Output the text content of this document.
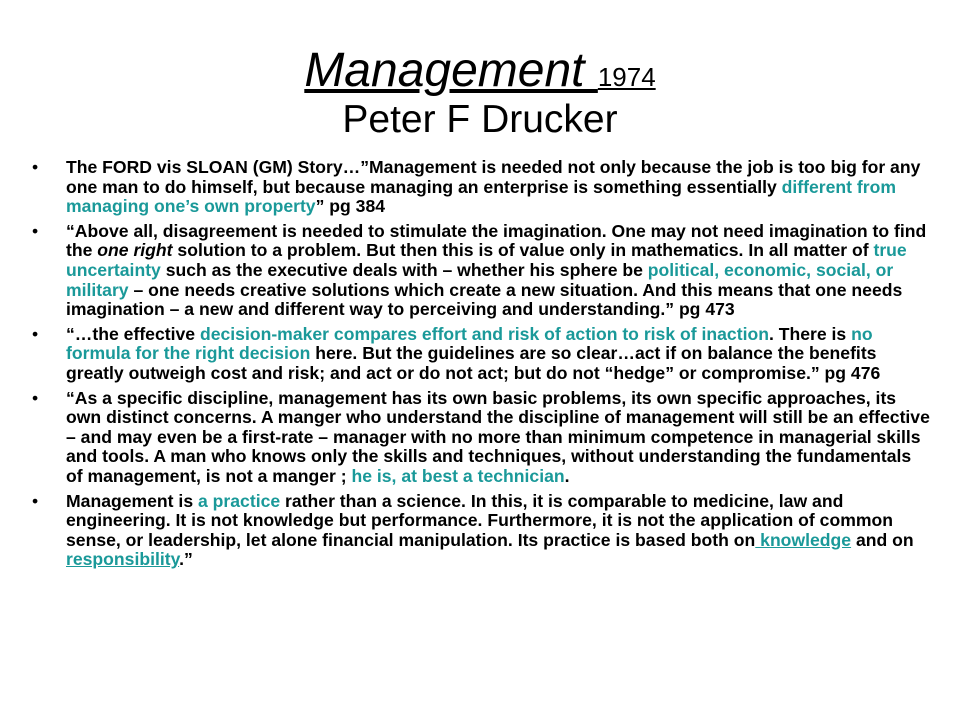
Management 1974
Peter F Drucker
• The FORD vis SLOAN (GM) Story…”Management is needed not only because the job is too big for any one man to do himself, but because managing an enterprise is something essentially different from managing one’s own property” pg 384
• “Above all, disagreement is needed to stimulate the imagination. One may not need imagination to find the one right solution to a problem. But then this is of value only in mathematics. In all matter of true uncertainty such as the executive deals with – whether his sphere be political, economic, social, or military – one needs creative solutions which create a new situation. And this means that one needs imagination – a new and different way to perceiving and understanding.” pg 473
• “…the effective decision-maker compares effort and risk of action to risk of inaction. There is no formula for the right decision here. But the guidelines are so clear…act if on balance the benefits greatly outweigh cost and risk; and act or do not act; but do not “hedge” or compromise.” pg 476
• “As a specific discipline, management has its own basic problems, its own specific approaches, its own distinct concerns. A manger who understand the discipline of management will still be an effective – and may even be a first-rate – manager with no more than minimum competence in managerial skills and tools. A man who knows only the skills and techniques, without understanding the fundamentals of management, is not a manger ; he is, at best a technician.
• Management is a practice rather than a science. In this, it is comparable to medicine, law and engineering. It is not knowledge but performance. Furthermore, it is not the application of common sense, or leadership, let alone financial manipulation. Its practice is based both on knowledge and on responsibility.”
